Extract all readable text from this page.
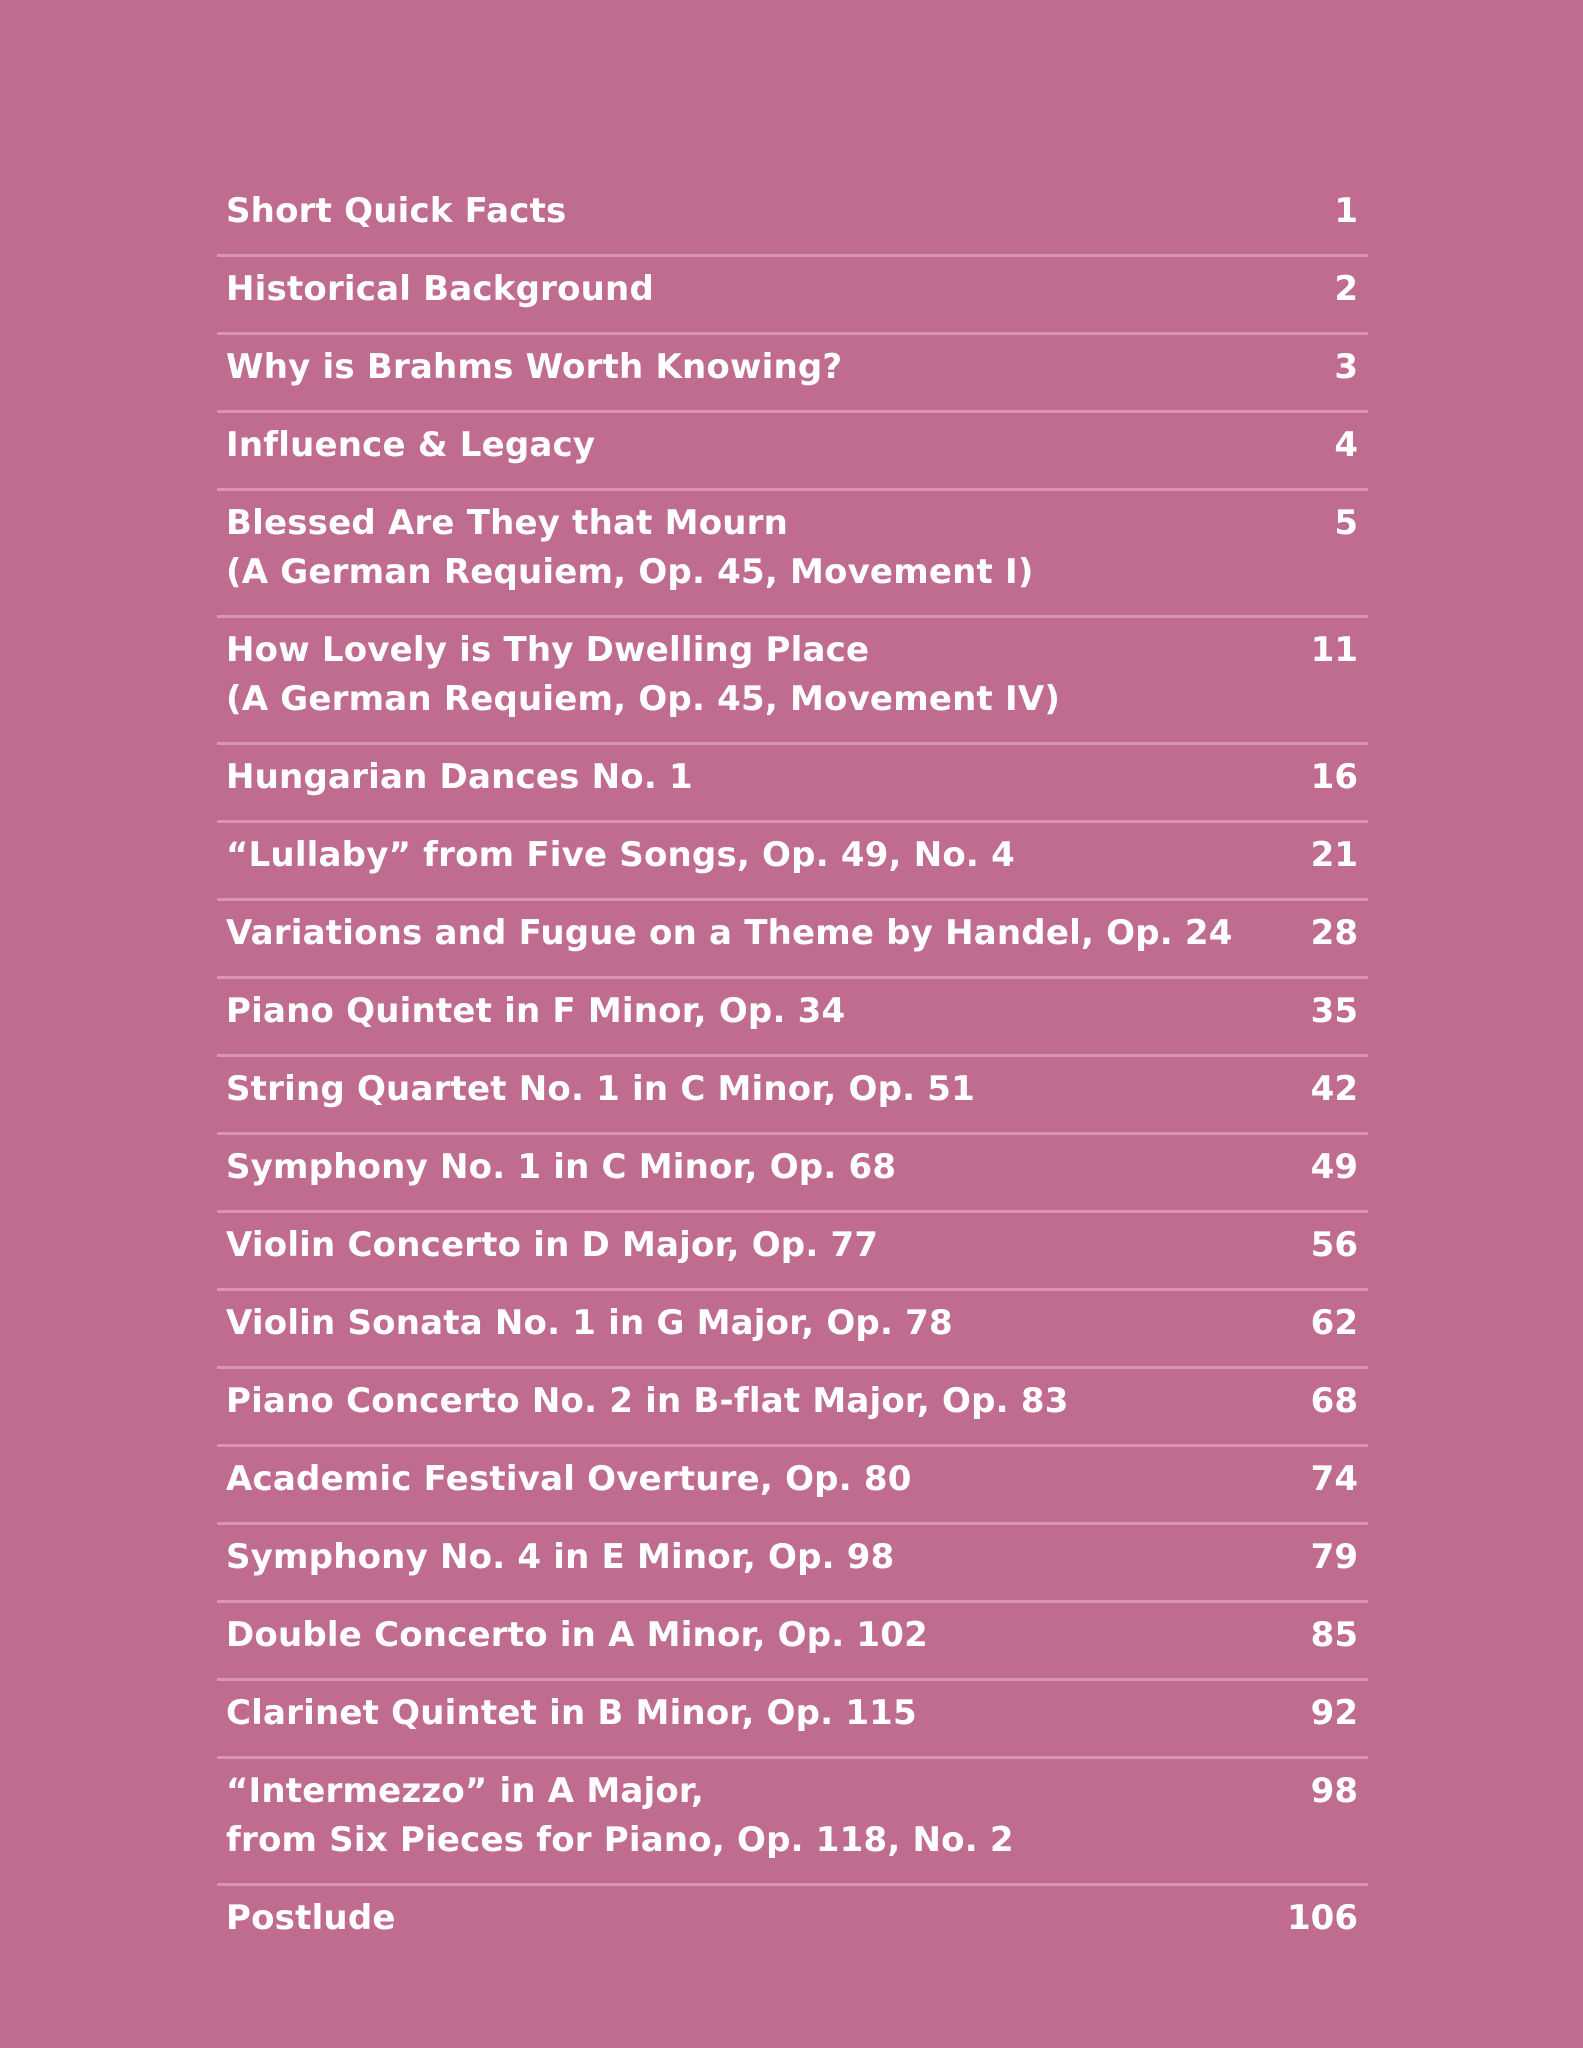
Short Quick Facts	1
Historical Background	2
Why is Brahms Worth Knowing?	3
Influence & Legacy	4
Blessed Are They that Mourn
(A German Requiem, Op. 45, Movement I)
5
How Lovely is Thy Dwelling Place
(A German Requiem, Op. 45, Movement IV)
11
Hungarian Dances No. 1	16
“Lullaby” from Five Songs, Op. 49, No. 4	21
Variations and Fugue on a Theme by Handel, Op. 24	28
Piano Quintet in F Minor, Op. 34	35
String Quartet No. 1 in C Minor, Op. 51	42
Symphony No. 1 in C Minor, Op. 68	49
Violin Concerto in D Major, Op. 77	56
Violin Sonata No. 1 in G Major, Op. 78	62
Piano Concerto No. 2 in B-flat Major, Op. 83	68
Academic Festival Overture, Op. 80	74
Symphony No. 4 in E Minor, Op. 98	79
Double Concerto in A Minor, Op. 102	85
Clarinet Quintet in B Minor, Op. 115	92
“Intermezzo” in A Major,
from Six Pieces for Piano, Op. 118, No. 2
98
Postlude	106
